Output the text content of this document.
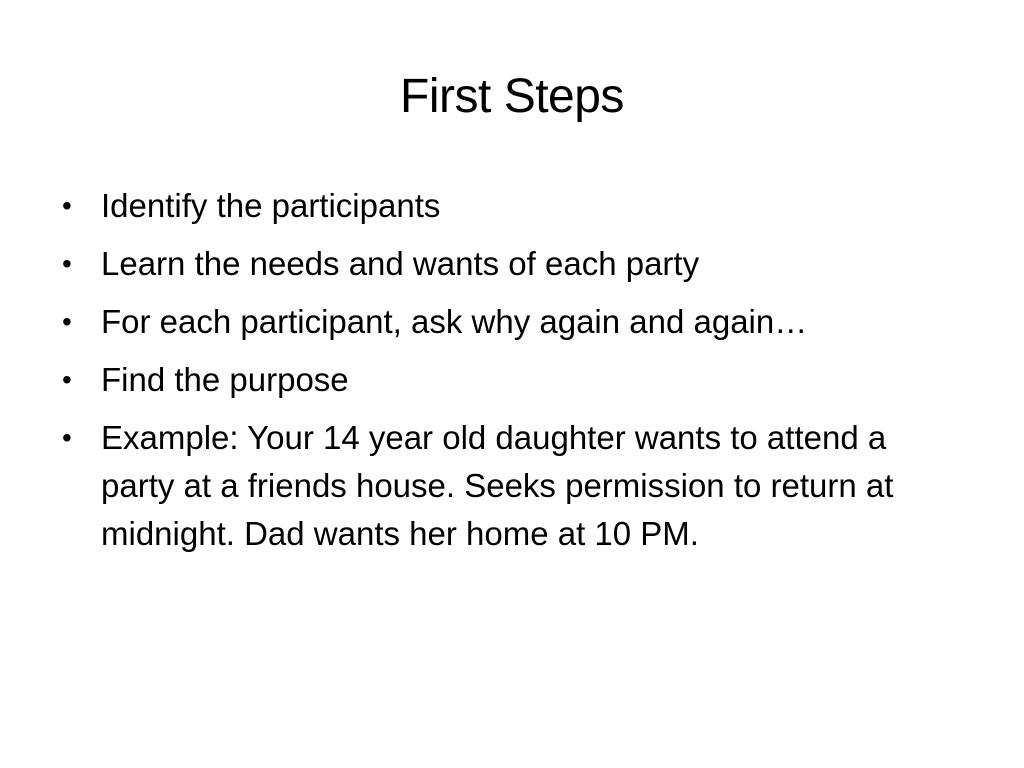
First Steps
• Identify the participants
• Learn the needs and wants of each party
• For each participant, ask why again and again…
• Find the purpose
• Example: Your 14 year old daughter wants to attend a party at a friends house. Seeks permission to return at midnight. Dad wants her home at 10 PM.
